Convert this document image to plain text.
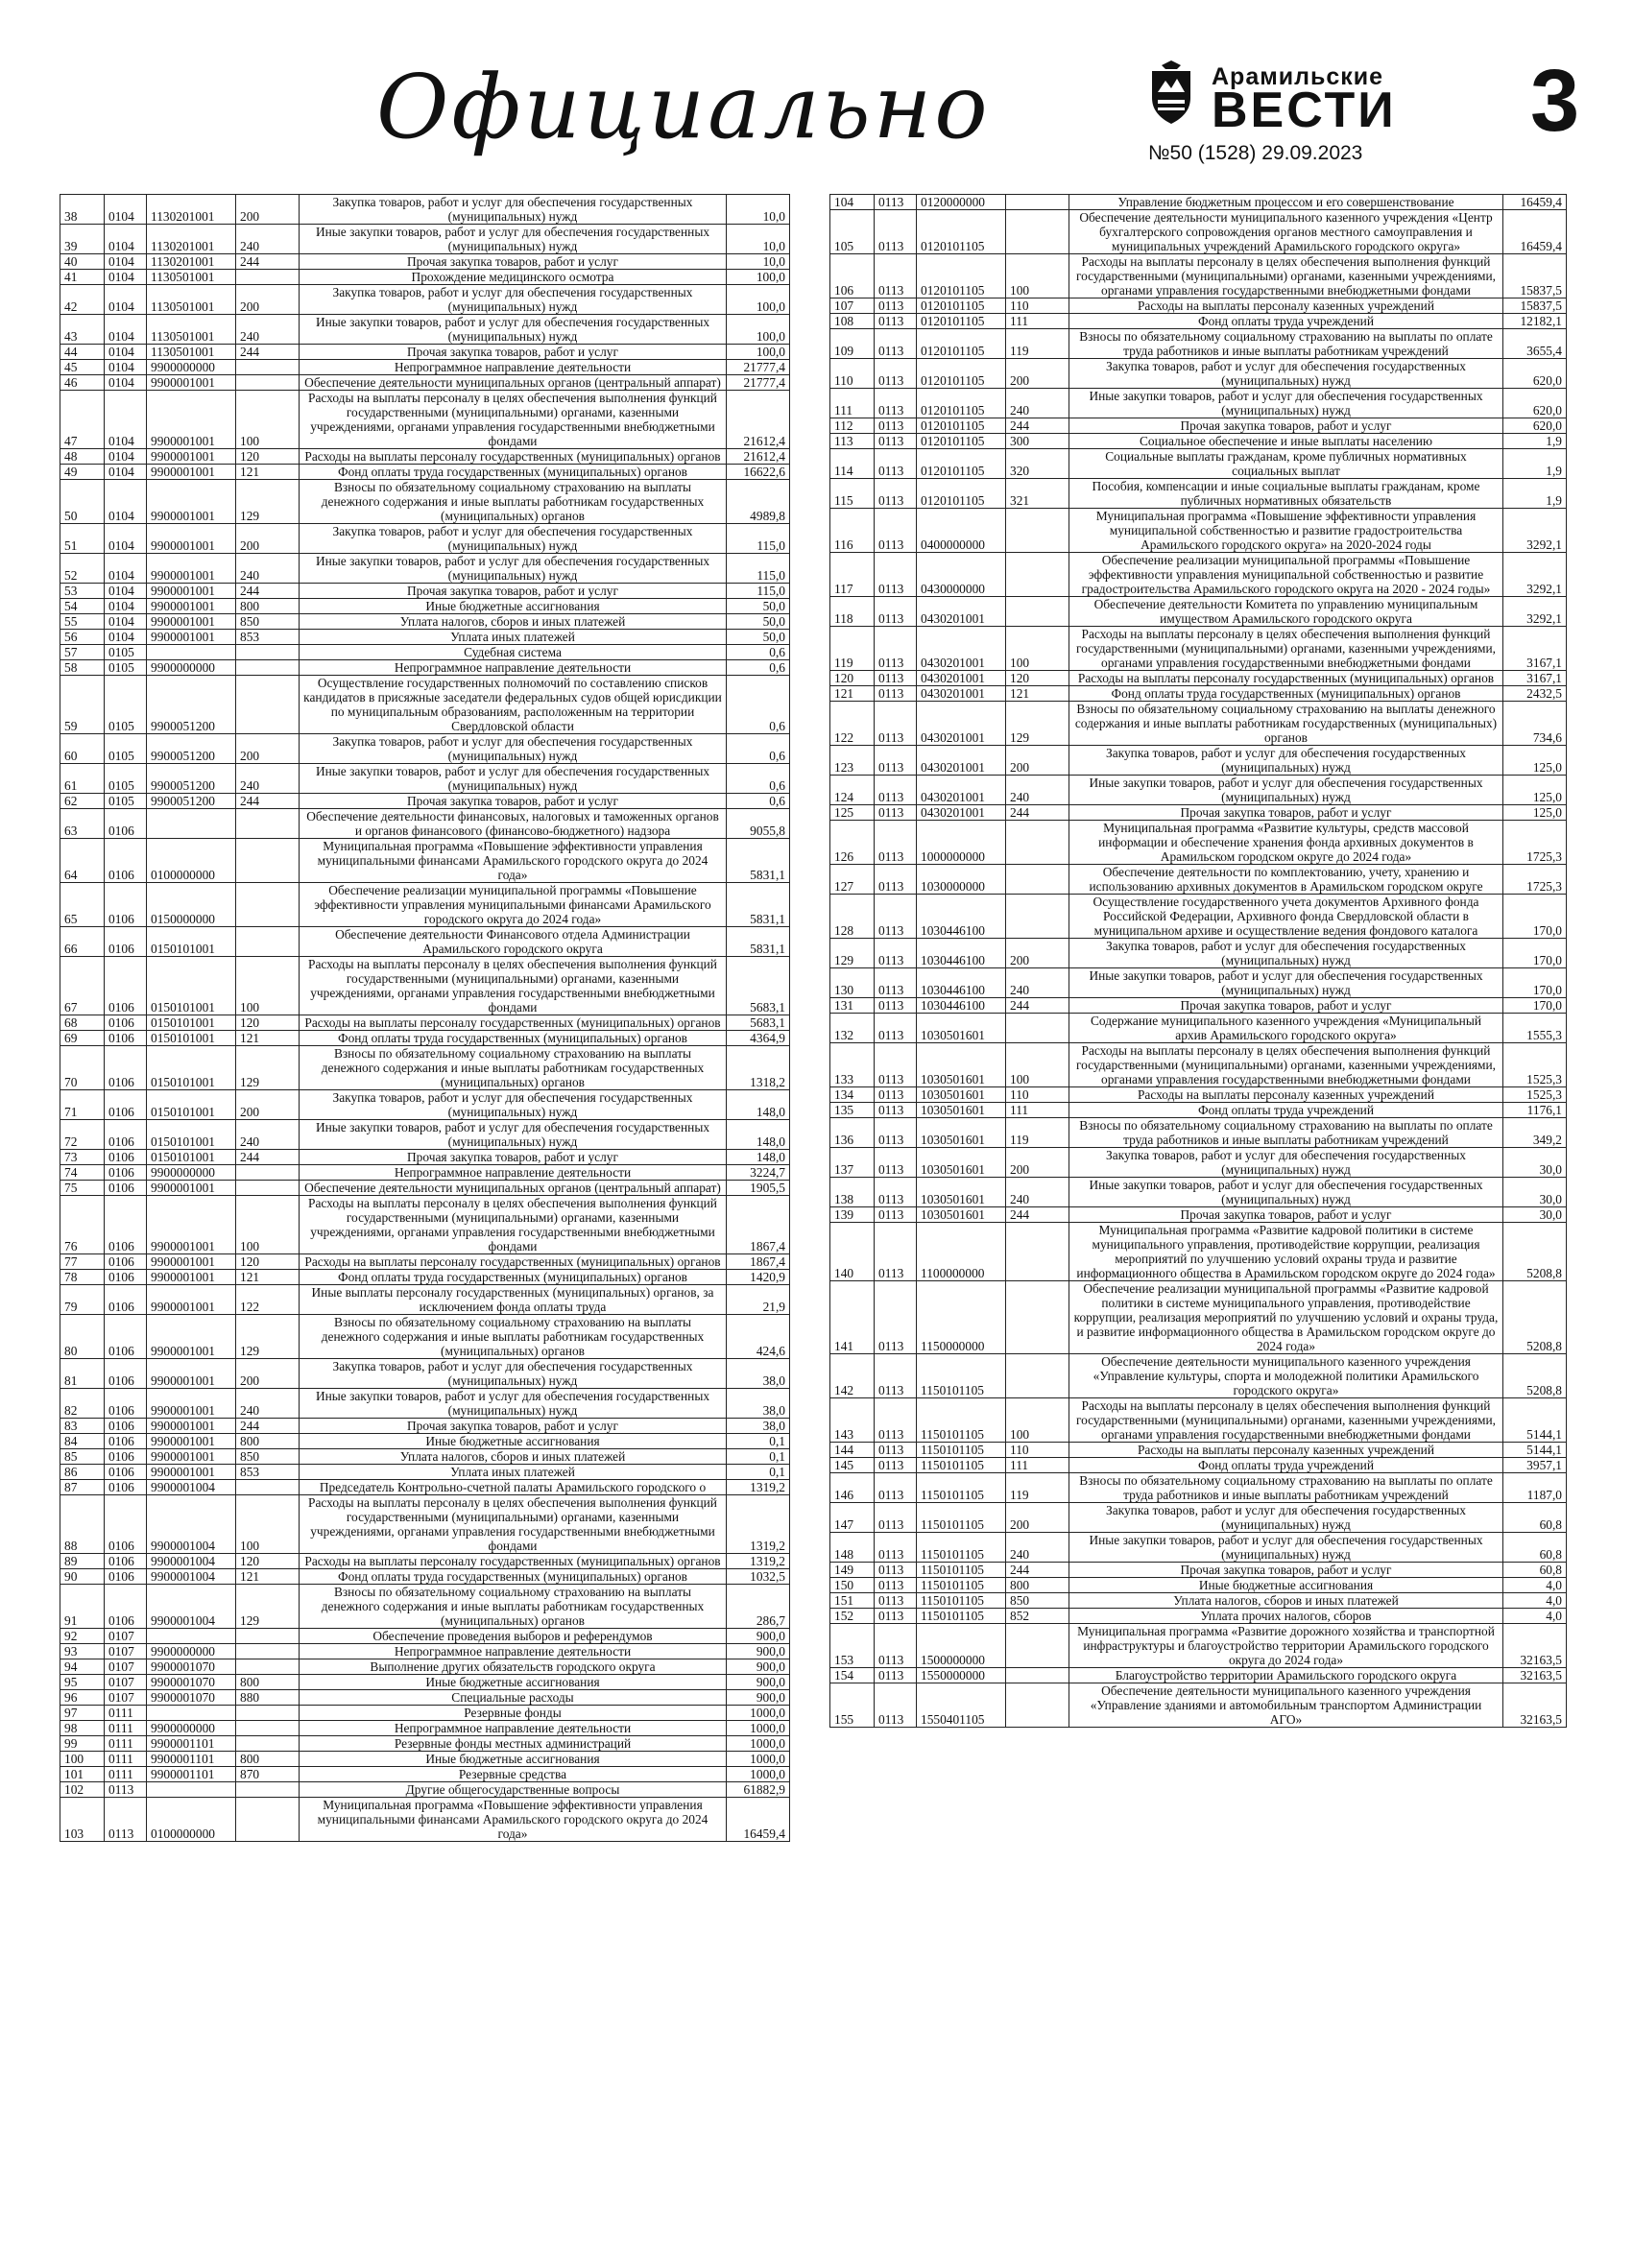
Официально	Арамильские
ВЕСТИ
№50 (1528) 29.09.2023
3
38	0104	1130201001	200	Закупка товаров, работ и услуг для обеспечения государственных (муниципальных) нужд	10,0
39	0104	1130201001	240	Иные закупки товаров, работ и услуг для обеспечения государственных (муниципальных) нужд	10,0
40	0104	1130201001	244	Прочая закупка товаров, работ и услуг	10,0
41	0104	1130501001		Прохождение медицинского осмотра	100,0
42	0104	1130501001	200	Закупка товаров, работ и услуг для обеспечения государственных (муниципальных) нужд	100,0
43	0104	1130501001	240	Иные закупки товаров, работ и услуг для обеспечения государственных (муниципальных) нужд	100,0
44	0104	1130501001	244	Прочая закупка товаров, работ и услуг	100,0
45	0104	9900000000		Непрограммное направление деятельности	21777,4
46	0104	9900001001		Обеспечение деятельности муниципальных органов (центральный аппарат)	21777,4
47	0104	9900001001	100	Расходы на выплаты персоналу в целях обеспечения выполнения функций государственными (муниципальными) органами, казенными учреждениями, органами управления государственными внебюджетными фондами	21612,4
48	0104	9900001001	120	Расходы на выплаты персоналу государственных (муниципальных) органов	21612,4
49	0104	9900001001	121	Фонд оплаты труда государственных (муниципальных) органов	16622,6
50	0104	9900001001	129	Взносы по обязательному социальному страхованию на выплаты денежного содержания и иные выплаты работникам государственных (муниципальных) органов	4989,8
51	0104	9900001001	200	Закупка товаров, работ и услуг для обеспечения государственных (муниципальных) нужд	115,0
52	0104	9900001001	240	Иные закупки товаров, работ и услуг для обеспечения государственных (муниципальных) нужд	115,0
53	0104	9900001001	244	Прочая закупка товаров, работ и услуг	115,0
54	0104	9900001001	800	Иные бюджетные ассигнования	50,0
55	0104	9900001001	850	Уплата налогов, сборов и иных платежей	50,0
56	0104	9900001001	853	Уплата иных платежей	50,0
57	0105			Судебная система	0,6
58	0105	9900000000		Непрограммное направление деятельности	0,6
59	0105	9900051200		Осуществление государственных полномочий по составлению списков кандидатов в присяжные заседатели федеральных судов общей юрисдикции по муниципальным образованиям, расположенным на территории Свердловской области	0,6
60	0105	9900051200	200	Закупка товаров, работ и услуг для обеспечения государственных (муниципальных) нужд	0,6
61	0105	9900051200	240	Иные закупки товаров, работ и услуг для обеспечения государственных (муниципальных) нужд	0,6
62	0105	9900051200	244	Прочая закупка товаров, работ и услуг	0,6
63	0106			Обеспечение деятельности финансовых, налоговых и таможенных органов и органов финансового (финансово-бюджетного) надзора	9055,8
64	0106	0100000000		Муниципальная программа «Повышение эффективности управления муниципальными финансами Арамильского городского округа до 2024 года»	5831,1
65	0106	0150000000		Обеспечение реализации муниципальной программы «Повышение эффективности управления муниципальными финансами Арамильского городского округа до 2024 года»	5831,1
66	0106	0150101001		Обеспечение деятельности Финансового отдела Администрации Арамильского городского округа	5831,1
67	0106	0150101001	100	Расходы на выплаты персоналу в целях обеспечения выполнения функций государственными (муниципальными) органами, казенными учреждениями, органами управления государственными внебюджетными фондами	5683,1
68	0106	0150101001	120	Расходы на выплаты персоналу государственных (муниципальных) органов	5683,1
69	0106	0150101001	121	Фонд оплаты труда государственных (муниципальных) органов	4364,9
70	0106	0150101001	129	Взносы по обязательному социальному страхованию на выплаты денежного содержания и иные выплаты работникам государственных (муниципальных) органов	1318,2
71	0106	0150101001	200	Закупка товаров, работ и услуг для обеспечения государственных (муниципальных) нужд	148,0
72	0106	0150101001	240	Иные закупки товаров, работ и услуг для обеспечения государственных (муниципальных) нужд	148,0
73	0106	0150101001	244	Прочая закупка товаров, работ и услуг	148,0
74	0106	9900000000		Непрограммное направление деятельности	3224,7
75	0106	9900001001		Обеспечение деятельности муниципальных органов (центральный аппарат)	1905,5
76	0106	9900001001	100	Расходы на выплаты персоналу в целях обеспечения выполнения функций государственными (муниципальными) органами, казенными учреждениями, органами управления государственными внебюджетными фондами	1867,4
77	0106	9900001001	120	Расходы на выплаты персоналу государственных (муниципальных) органов	1867,4
78	0106	9900001001	121	Фонд оплаты труда государственных (муниципальных) органов	1420,9
79	0106	9900001001	122	Иные выплаты персоналу государственных (муниципальных) органов, за исключением фонда оплаты труда	21,9
80	0106	9900001001	129	Взносы по обязательному социальному страхованию на выплаты денежного содержания и иные выплаты работникам государственных (муниципальных) органов	424,6
81	0106	9900001001	200	Закупка товаров, работ и услуг для обеспечения государственных (муниципальных) нужд	38,0
82	0106	9900001001	240	Иные закупки товаров, работ и услуг для обеспечения государственных (муниципальных) нужд	38,0
83	0106	9900001001	244	Прочая закупка товаров, работ и услуг	38,0
84	0106	9900001001	800	Иные бюджетные ассигнования	0,1
85	0106	9900001001	850	Уплата налогов, сборов и иных платежей	0,1
86	0106	9900001001	853	Уплата иных платежей	0,1
87	0106	9900001004		Председатель Контрольно-счетной палаты Арамильского городского о	1319,2
88	0106	9900001004	100	Расходы на выплаты персоналу в целях обеспечения выполнения функций государственными (муниципальными) органами, казенными учреждениями, органами управления государственными внебюджетными фондами	1319,2
89	0106	9900001004	120	Расходы на выплаты персоналу государственных (муниципальных) органов	1319,2
90	0106	9900001004	121	Фонд оплаты труда государственных (муниципальных) органов	1032,5
91	0106	9900001004	129	Взносы по обязательному социальному страхованию на выплаты денежного содержания и иные выплаты работникам государственных (муниципальных) органов	286,7
92	0107			Обеспечение проведения выборов и референдумов	900,0
93	0107	9900000000		Непрограммное направление деятельности	900,0
94	0107	9900001070		Выполнение других обязательств городского округа	900,0
95	0107	9900001070	800	Иные бюджетные ассигнования	900,0
96	0107	9900001070	880	Специальные расходы	900,0
97	0111			Резервные фонды	1000,0
98	0111	9900000000		Непрограммное направление деятельности	1000,0
99	0111	9900001101		Резервные фонды местных администраций	1000,0
100	0111	9900001101	800	Иные бюджетные ассигнования	1000,0
101	0111	9900001101	870	Резервные средства	1000,0
102	0113			Другие общегосударственные вопросы	61882,9
103	0113	0100000000		Муниципальная программа «Повышение эффективности управления муниципальными финансами Арамильского городского округа до 2024 года»	16459,4
104	0113	0120000000		Управление бюджетным процессом и его совершенствование	16459,4
105	0113	0120101105		Обеспечение деятельности муниципального казенного учреждения «Центр бухгалтерского сопровождения органов местного самоуправления и муниципальных учреждений Арамильского городского округа»	16459,4
106	0113	0120101105	100	Расходы на выплаты персоналу в целях обеспечения выполнения функций государственными (муниципальными) органами, казенными учреждениями, органами управления государственными внебюджетными фондами	15837,5
107	0113	0120101105	110	Расходы на выплаты персоналу казенных учреждений	15837,5
108	0113	0120101105	111	Фонд оплаты труда учреждений	12182,1
109	0113	0120101105	119	Взносы по обязательному социальному страхованию на выплаты по оплате труда работников и иные выплаты работникам учреждений	3655,4
110	0113	0120101105	200	Закупка товаров, работ и услуг для обеспечения государственных (муниципальных) нужд	620,0
111	0113	0120101105	240	Иные закупки товаров, работ и услуг для обеспечения государственных (муниципальных) нужд	620,0
112	0113	0120101105	244	Прочая закупка товаров, работ и услуг	620,0
113	0113	0120101105	300	Социальное обеспечение и иные выплаты населению	1,9
114	0113	0120101105	320	Социальные выплаты гражданам, кроме публичных нормативных социальных выплат	1,9
115	0113	0120101105	321	Пособия, компенсации и иные социальные выплаты гражданам, кроме публичных нормативных обязательств	1,9
116	0113	0400000000		Муниципальная программа «Повышение эффективности управления муниципальной собственностью и развитие градостроительства Арамильского городского округа» на 2020-2024 годы	3292,1
117	0113	0430000000		Обеспечение реализации муниципальной программы «Повышение эффективности управления муниципальной собственностью и развитие градостроительства Арамильского городского округа на 2020 - 2024 годы»	3292,1
118	0113	0430201001		Обеспечение деятельности Комитета по управлению муниципальным имуществом Арамильского городского округа	3292,1
119	0113	0430201001	100	Расходы на выплаты персоналу в целях обеспечения выполнения функций государственными (муниципальными) органами, казенными учреждениями, органами управления государственными внебюджетными фондами	3167,1
120	0113	0430201001	120	Расходы на выплаты персоналу государственных (муниципальных) органов	3167,1
121	0113	0430201001	121	Фонд оплаты труда государственных (муниципальных) органов	2432,5
122	0113	0430201001	129	Взносы по обязательному социальному страхованию на выплаты денежного содержания и иные выплаты работникам государственных (муниципальных) органов	734,6
123	0113	0430201001	200	Закупка товаров, работ и услуг для обеспечения государственных (муниципальных) нужд	125,0
124	0113	0430201001	240	Иные закупки товаров, работ и услуг для обеспечения государственных (муниципальных) нужд	125,0
125	0113	0430201001	244	Прочая закупка товаров, работ и услуг	125,0
126	0113	1000000000		Муниципальная программа «Развитие культуры, средств массовой информации и обеспечение хранения фонда архивных документов в Арамильском городском округе до 2024 года»	1725,3
127	0113	1030000000		Обеспечение деятельности по комплектованию, учету, хранению и использованию архивных документов в Арамильском городском округе	1725,3
128	0113	1030446100		Осуществление государственного учета документов Архивного фонда Российской Федерации, Архивного фонда Свердловской области в муниципальном архиве и осуществление ведения фондового каталога	170,0
129	0113	1030446100	200	Закупка товаров, работ и услуг для обеспечения государственных (муниципальных) нужд	170,0
130	0113	1030446100	240	Иные закупки товаров, работ и услуг для обеспечения государственных (муниципальных) нужд	170,0
131	0113	1030446100	244	Прочая закупка товаров, работ и услуг	170,0
132	0113	1030501601		Содержание муниципального казенного учреждения «Муниципальный архив Арамильского городского округа»	1555,3
133	0113	1030501601	100	Расходы на выплаты персоналу в целях обеспечения выполнения функций государственными (муниципальными) органами, казенными учреждениями, органами управления государственными внебюджетными фондами	1525,3
134	0113	1030501601	110	Расходы на выплаты персоналу казенных учреждений	1525,3
135	0113	1030501601	111	Фонд оплаты труда учреждений	1176,1
136	0113	1030501601	119	Взносы по обязательному социальному страхованию на выплаты по оплате труда работников и иные выплаты работникам учреждений	349,2
137	0113	1030501601	200	Закупка товаров, работ и услуг для обеспечения государственных (муниципальных) нужд	30,0
138	0113	1030501601	240	Иные закупки товаров, работ и услуг для обеспечения государственных (муниципальных) нужд	30,0
139	0113	1030501601	244	Прочая закупка товаров, работ и услуг	30,0
140	0113	1100000000		Муниципальная программа «Развитие кадровой политики в системе муниципального управления, противодействие коррупции, реализация мероприятий по улучшению условий охраны труда и развитие информационного общества в Арамильском городском округе до 2024 года»	5208,8
141	0113	1150000000		Обеспечение реализации муниципальной программы «Развитие кадровой политики в системе муниципального управления, противодействие коррупции, реализация мероприятий по улучшению условий и охраны труда, и развитие информационного общества в Арамильском городском округе до 2024 года»	5208,8
142	0113	1150101105		Обеспечение деятельности муниципального казенного учреждения «Управление культуры, спорта и молодежной политики Арамильского городского округа»	5208,8
143	0113	1150101105	100	Расходы на выплаты персоналу в целях обеспечения выполнения функций государственными (муниципальными) органами, казенными учреждениями, органами управления государственными внебюджетными фондами	5144,1
144	0113	1150101105	110	Расходы на выплаты персоналу казенных учреждений	5144,1
145	0113	1150101105	111	Фонд оплаты труда учреждений	3957,1
146	0113	1150101105	119	Взносы по обязательному социальному страхованию на выплаты по оплате труда работников и иные выплаты работникам учреждений	1187,0
147	0113	1150101105	200	Закупка товаров, работ и услуг для обеспечения государственных (муниципальных) нужд	60,8
148	0113	1150101105	240	Иные закупки товаров, работ и услуг для обеспечения государственных (муниципальных) нужд	60,8
149	0113	1150101105	244	Прочая закупка товаров, работ и услуг	60,8
150	0113	1150101105	800	Иные бюджетные ассигнования	4,0
151	0113	1150101105	850	Уплата налогов, сборов и иных платежей	4,0
152	0113	1150101105	852	Уплата прочих налогов, сборов	4,0
153	0113	1500000000		Муниципальная программа «Развитие дорожного хозяйства и транспортной инфраструктуры и благоустройство территории Арамильского городского округа до 2024 года»	32163,5
154	0113	1550000000		Благоустройство территории Арамильского городского округа	32163,5
155	0113	1550401105		Обеспечение деятельности муниципального казенного учреждения «Управление зданиями и автомобильным транспортом Администрации АГО»	32163,5
